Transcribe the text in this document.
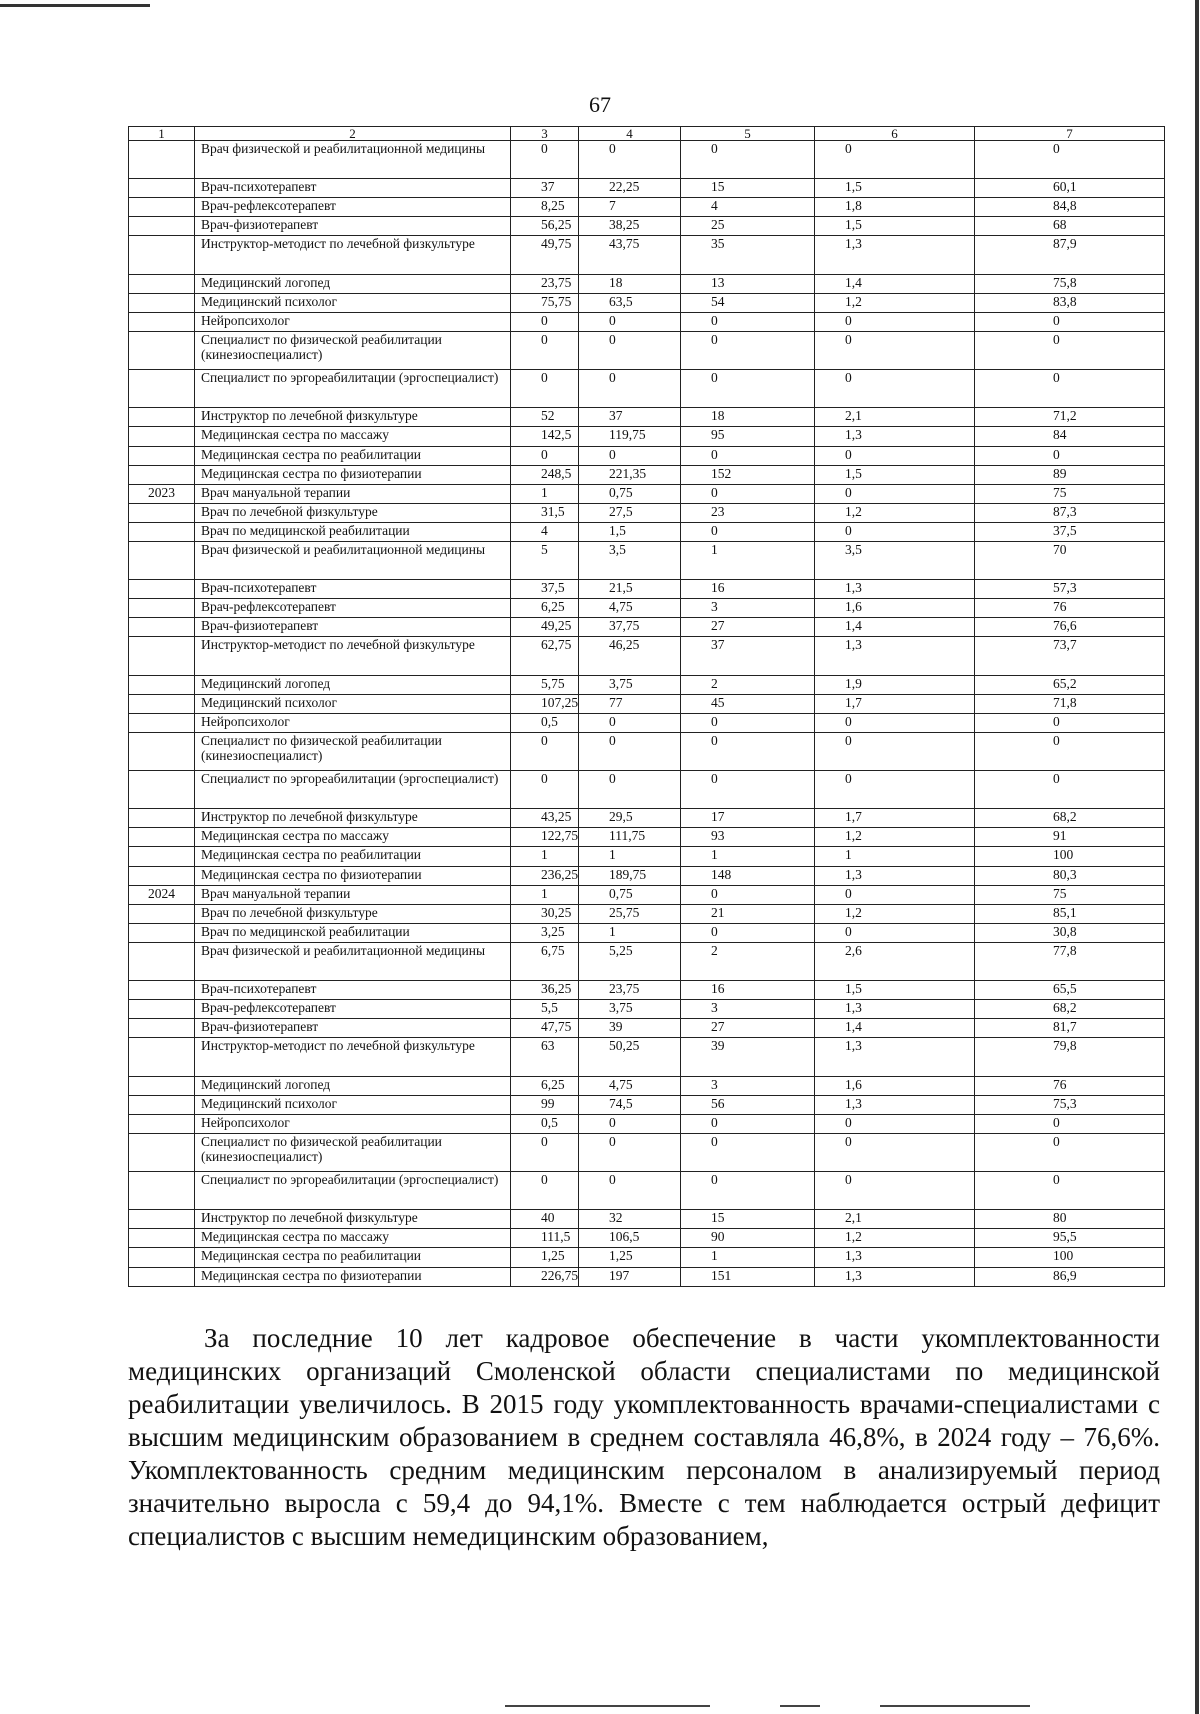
67
1	2	3	4	5	6	7
	Врач физической и реабилитационной медицины	0	0	0	0	0
	Врач-психотерапевт	37	22,25	15	1,5	60,1
	Врач-рефлексотерапевт	8,25	7	4	1,8	84,8
	Врач-физиотерапевт	56,25	38,25	25	1,5	68
	Инструктор-методист по лечебной физкультуре	49,75	43,75	35	1,3	87,9
	Медицинский логопед	23,75	18	13	1,4	75,8
	Медицинский психолог	75,75	63,5	54	1,2	83,8
	Нейропсихолог	0	0	0	0	0
	Специалист по физической реабилитации (кинезиоспециалист)	0	0	0	0	0
	Специалист по эргореабилитации (эргоспециалист)	0	0	0	0	0
	Инструктор по лечебной физкультуре	52	37	18	2,1	71,2
	Медицинская сестра по массажу	142,5	119,75	95	1,3	84
	Медицинская сестра по реабилитации	0	0	0	0	0
	Медицинская сестра по физиотерапии	248,5	221,35	152	1,5	89
2023	Врач мануальной терапии	1	0,75	0	0	75
	Врач по лечебной физкультуре	31,5	27,5	23	1,2	87,3
	Врач по медицинской реабилитации	4	1,5	0	0	37,5
	Врач физической и реабилитационной медицины	5	3,5	1	3,5	70
	Врач-психотерапевт	37,5	21,5	16	1,3	57,3
	Врач-рефлексотерапевт	6,25	4,75	3	1,6	76
	Врач-физиотерапевт	49,25	37,75	27	1,4	76,6
	Инструктор-методист по лечебной физкультуре	62,75	46,25	37	1,3	73,7
	Медицинский логопед	5,75	3,75	2	1,9	65,2
	Медицинский психолог	107,25	77	45	1,7	71,8
	Нейропсихолог	0,5	0	0	0	0
	Специалист по физической реабилитации (кинезиоспециалист)	0	0	0	0	0
	Специалист по эргореабилитации (эргоспециалист)	0	0	0	0	0
	Инструктор по лечебной физкультуре	43,25	29,5	17	1,7	68,2
	Медицинская сестра по массажу	122,75	111,75	93	1,2	91
	Медицинская сестра по реабилитации	1	1	1	1	100
	Медицинская сестра по физиотерапии	236,25	189,75	148	1,3	80,3
2024	Врач мануальной терапии	1	0,75	0	0	75
	Врач по лечебной физкультуре	30,25	25,75	21	1,2	85,1
	Врач по медицинской реабилитации	3,25	1	0	0	30,8
	Врач физической и реабилитационной медицины	6,75	5,25	2	2,6	77,8
	Врач-психотерапевт	36,25	23,75	16	1,5	65,5
	Врач-рефлексотерапевт	5,5	3,75	3	1,3	68,2
	Врач-физиотерапевт	47,75	39	27	1,4	81,7
	Инструктор-методист по лечебной физкультуре	63	50,25	39	1,3	79,8
	Медицинский логопед	6,25	4,75	3	1,6	76
	Медицинский психолог	99	74,5	56	1,3	75,3
	Нейропсихолог	0,5	0	0	0	0
	Специалист по физической реабилитации (кинезиоспециалист)	0	0	0	0	0
	Специалист по эргореабилитации (эргоспециалист)	0	0	0	0	0
	Инструктор по лечебной физкультуре	40	32	15	2,1	80
	Медицинская сестра по массажу	111,5	106,5	90	1,2	95,5
	Медицинская сестра по реабилитации	1,25	1,25	1	1,3	100
	Медицинская сестра по физиотерапии	226,75	197	151	1,3	86,9

За последние 10 лет кадровое обеспечение в части укомплектованности медицинских организаций Смоленской области специалистами по медицинской реабилитации увеличилось. В 2015 году укомплектованность врачами-специалистами с высшим медицинским образованием в среднем составляла 46,8%, в 2024 году – 76,6%. Укомплектованность средним медицинским персоналом в анализируемый период значительно выросла с 59,4 до 94,1%. Вместе с тем наблюдается острый дефицит специалистов с высшим немедицинским образованием,
